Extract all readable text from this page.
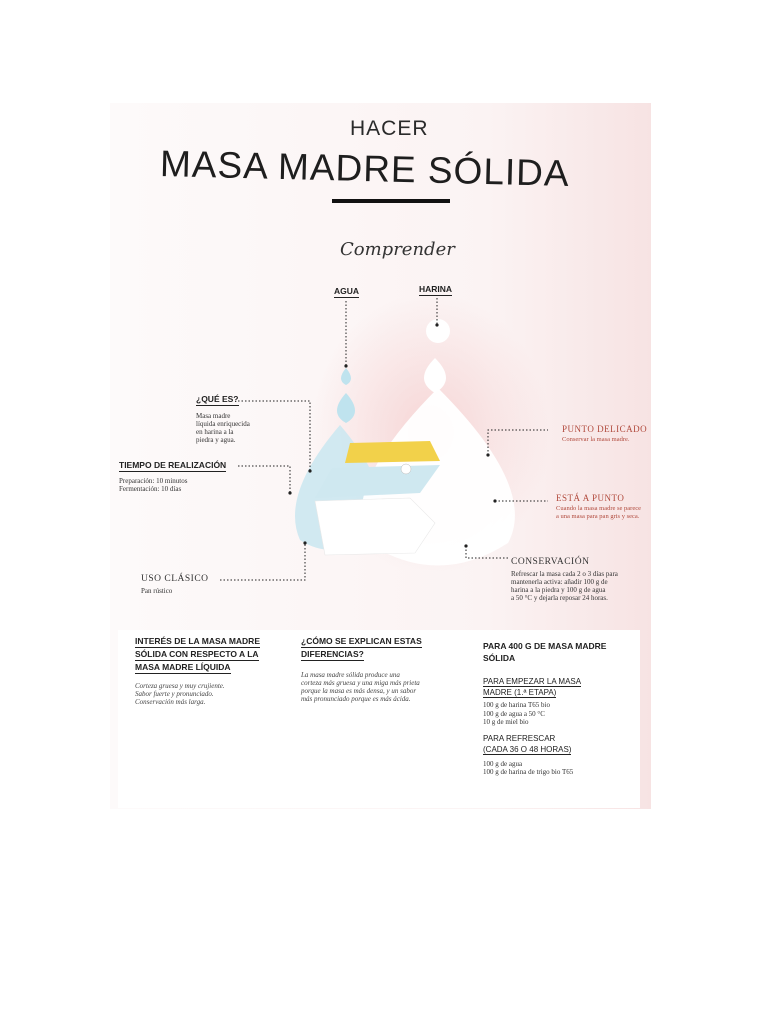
HACER
MASA MADRE SÓLIDA
Comprender
AGUA	HARINA
¿QUÉ ES?
Masa madre
líquida enriquecida
en harina a la
piedra y agua.
TIEMPO DE REALIZACIÓN
Preparación: 10 minutos
Fermentación: 10 días
USO CLÁSICO
Pan rústico
PUNTO DELICADO
Conservar la masa madre.
ESTÁ A PUNTO
Cuando la masa madre se parece
a una masa para pan gris y seca.
CONSERVACIÓN
Refrescar la masa cada 2 o 3 días para
mantenerla activa: añadir 100 g de
harina a la piedra y 100 g de agua
a 50 °C y dejarla reposar 24 horas.
INTERÉS DE LA MASA MADRE
SÓLIDA CON RESPECTO A LA
MASA MADRE LÍQUIDA
Corteza gruesa y muy crujiente.
Sabor fuerte y pronunciado.
Conservación más larga.
¿CÓMO SE EXPLICAN ESTAS
DIFERENCIAS?
La masa madre sólida produce una
corteza más gruesa y una miga más prieta
porque la masa es más densa, y un sabor
más pronunciado porque es más ácida.
PARA 400 G DE MASA MADRE
SÓLIDA
PARA EMPEZAR LA MASA
MADRE (1.ª ETAPA)
100 g de harina T65 bio
100 g de agua a 50 °C
10 g de miel bio
PARA REFRESCAR
(CADA 36 O 48 HORAS)
100 g de agua
100 g de harina de trigo bio T65
